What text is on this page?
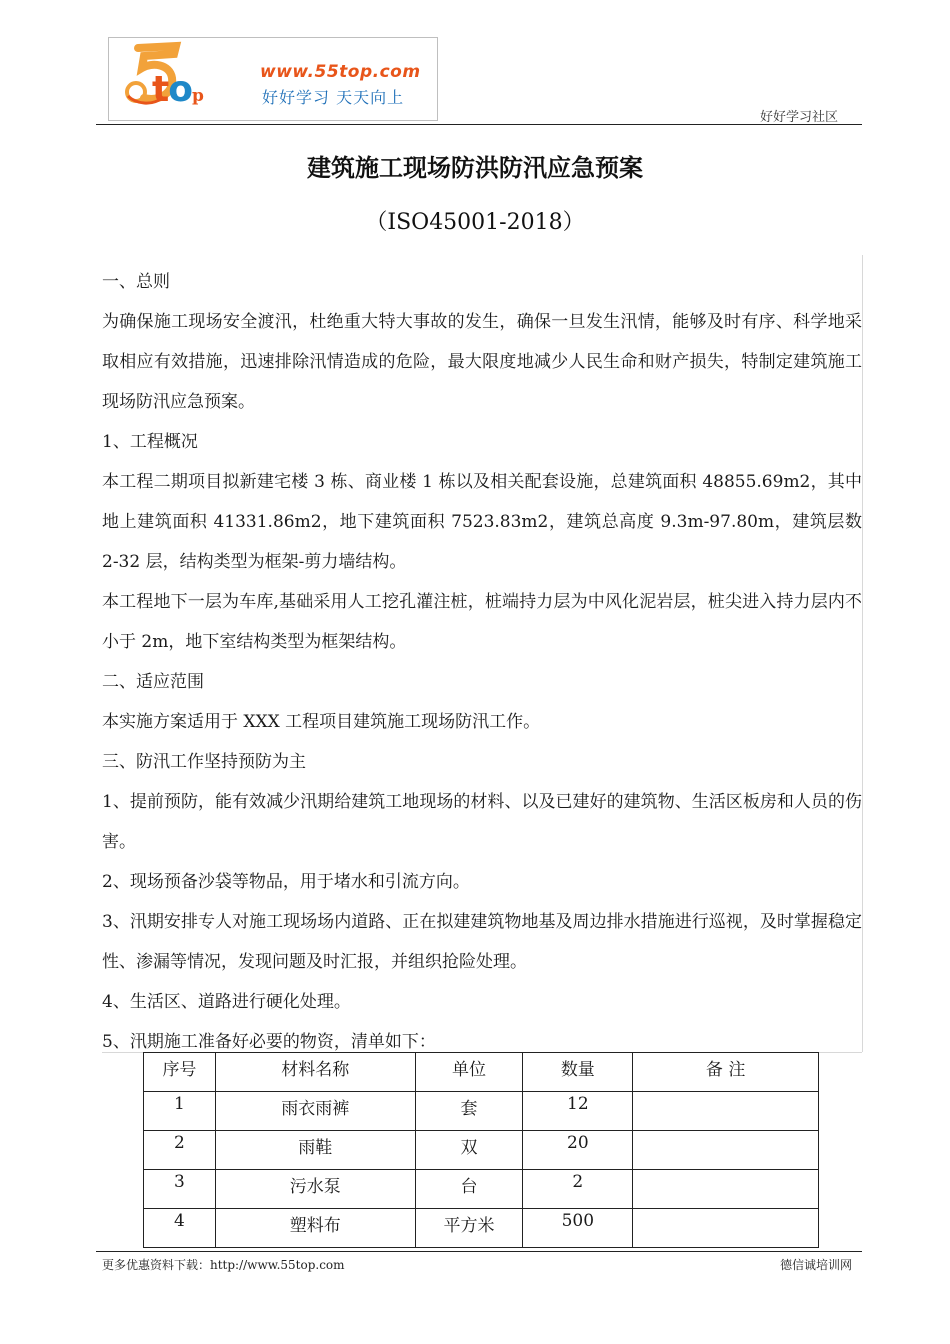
top
www.55top.com
好好学习 天天向上
好好学习社区
建筑施工现场防洪防汛应急预案
（ISO45001-2018）

一、总则

为确保施工现场安全渡汛，杜绝重大特大事故的发生，确保一旦发生汛情，能够及时有序、科学地采取相应有效措施，迅速排除汛情造成的危险，最大限度地减少人民生命和财产损失，特制定建筑施工现场防汛应急预案。

1、工程概况

本工程二期项目拟新建宅楼 3 栋、商业楼 1 栋以及相关配套设施，总建筑面积 48855.69m2，其中地上建筑面积 41331.86m2，地下建筑面积 7523.83m2，建筑总高度 9.3m-97.80m，建筑层数 2-32 层，结构类型为框架-剪力墙结构。

本工程地下一层为车库,基础采用人工挖孔灌注桩，桩端持力层为中风化泥岩层，桩尖进入持力层内不小于 2m，地下室结构类型为框架结构。

二、适应范围

本实施方案适用于 XXX 工程项目建筑施工现场防汛工作。

三、防汛工作坚持预防为主

1、提前预防，能有效减少汛期给建筑工地现场的材料、以及已建好的建筑物、生活区板房和人员的伤害。

2、现场预备沙袋等物品，用于堵水和引流方向。

3、汛期安排专人对施工现场场内道路、正在拟建建筑物地基及周边排水措施进行巡视，及时掌握稳定性、渗漏等情况，发现问题及时汇报，并组织抢险处理。

4、生活区、道路进行硬化处理。

5、汛期施工准备好必要的物资，清单如下：

序号	材料名称	单位	数量	备 注
1	雨衣雨裤	套	12	
2	雨鞋	双	20	
3	污水泵	台	2	
4	塑料布	平方米	500	
更多优惠资料下载：http://www.55top.com	德信诚培训网
